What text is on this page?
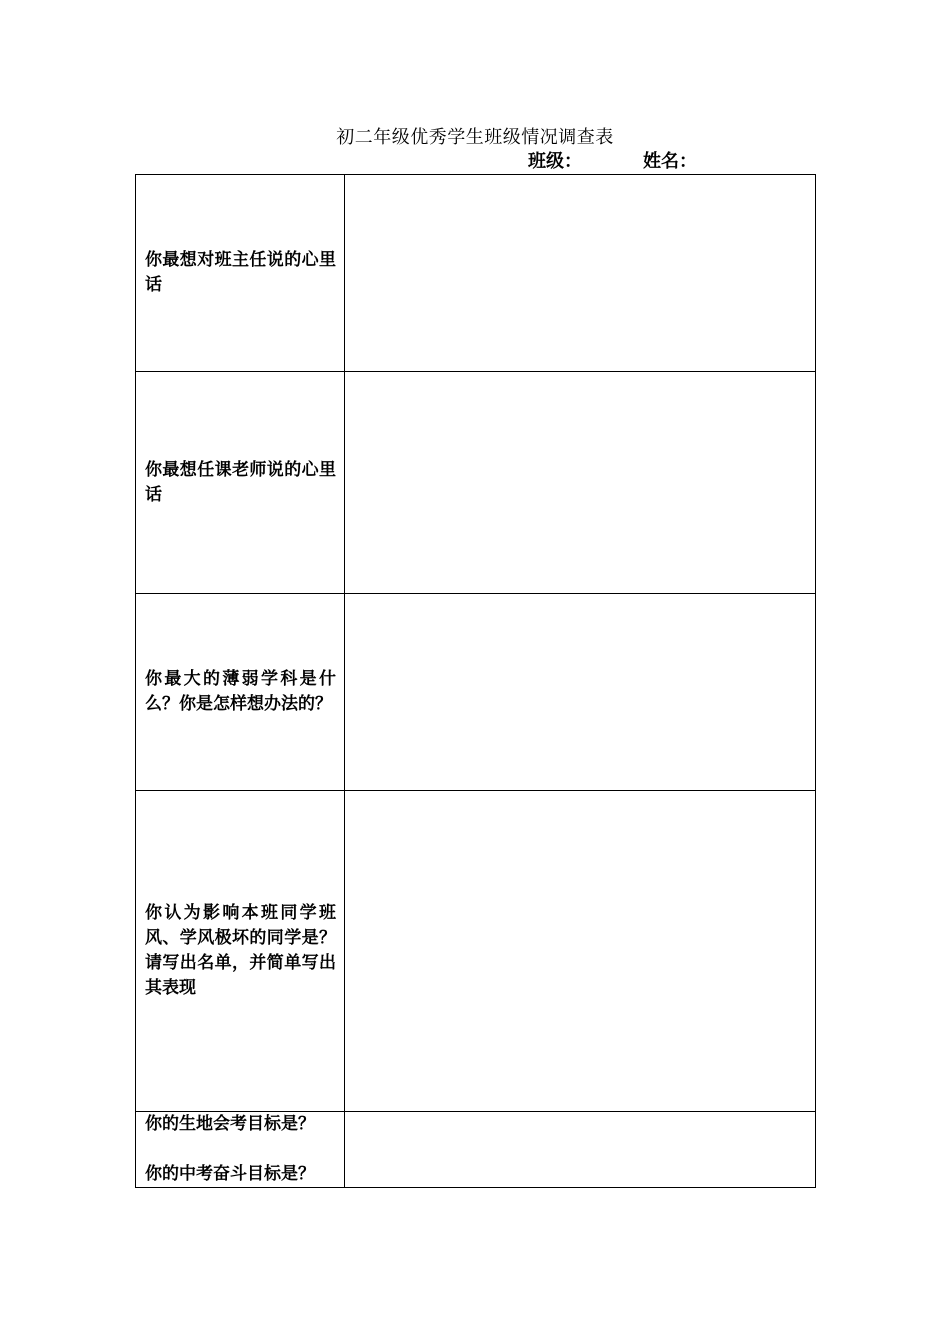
初二年级优秀学生班级情况调查表
班级：	姓名：
你最想对班主任说的心里话	

你最想任课老师说的心里话	

你最大的薄弱学科是什么？你是怎样想办法的？	

你认为影响本班同学班风、学风极坏的同学是？请写出名单，并简单写出其表现	

你的生地会考目标是？
你的中考奋斗目标是？	
